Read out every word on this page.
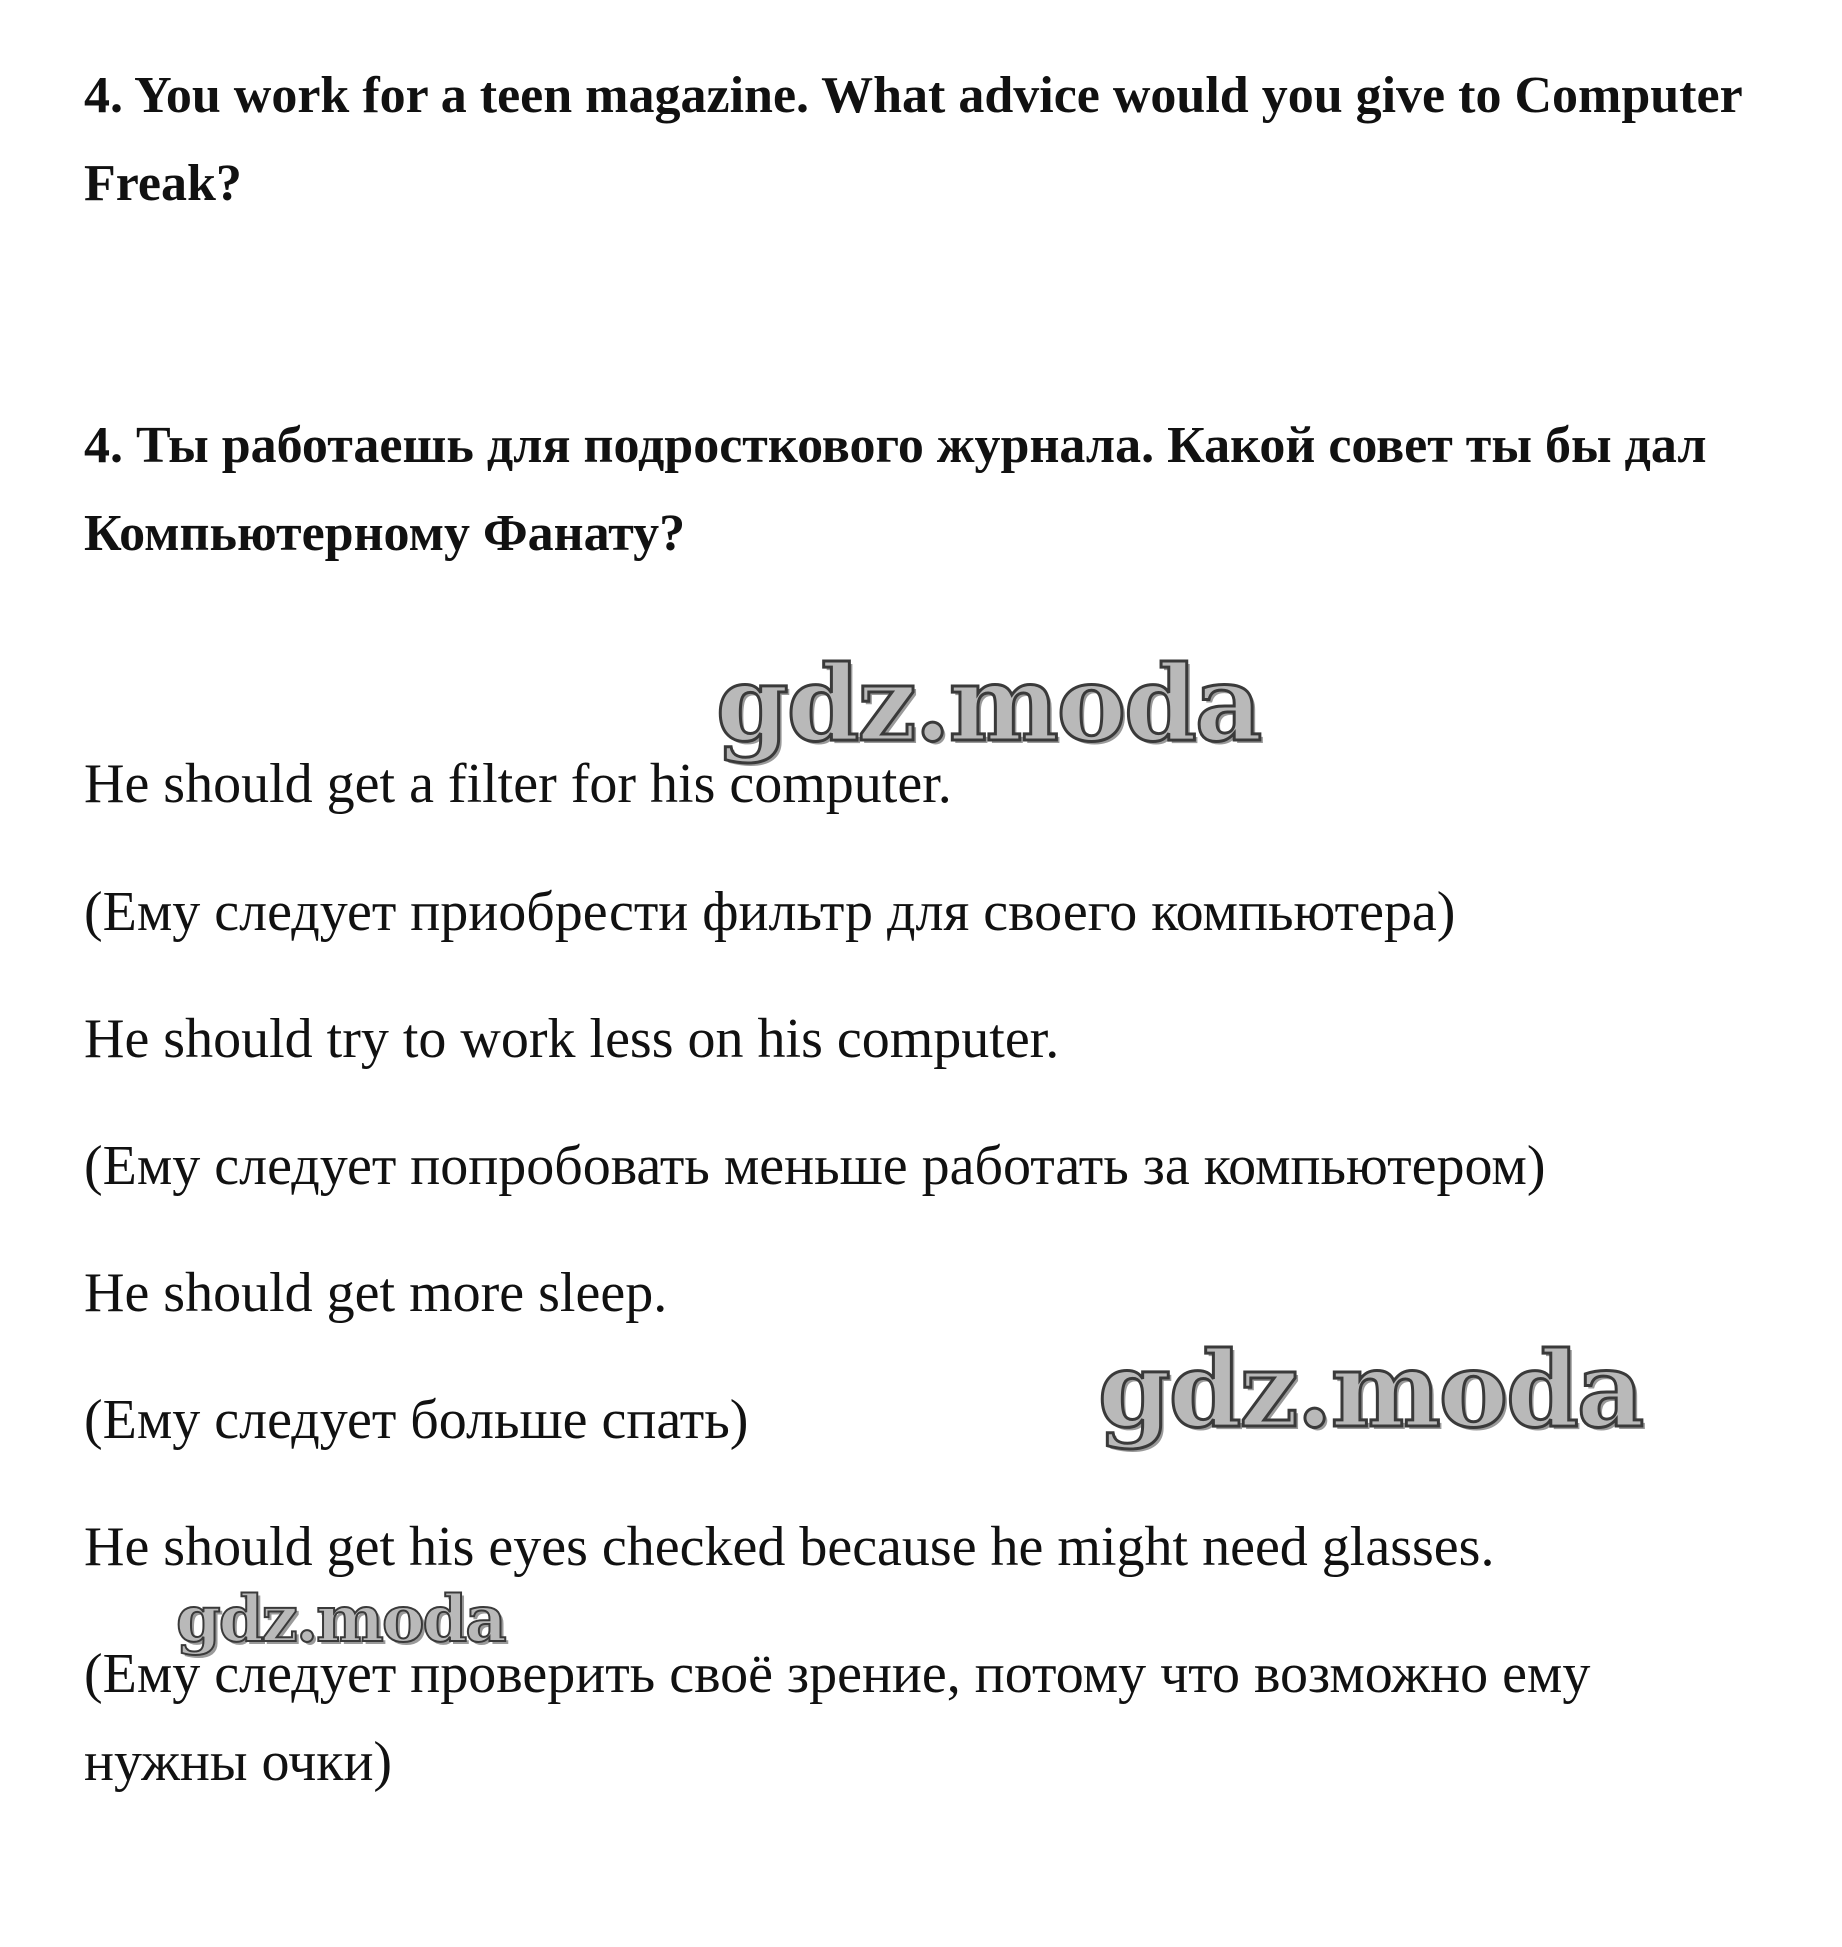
4. You work for a teen magazine. What advice would you give to Computer Freak?

4. Ты работаешь для подросткового журнала. Какой совет ты бы дал Компьютерному Фанату?

He should get a filter for his computer.

(Ему следует приобрести фильтр для своего компьютера)

He should try to work less on his computer.

(Ему следует попробовать меньше работать за компьютером)

He should get more sleep.

(Ему следует больше спать)

He should get his eyes checked because he might need glasses.

(Ему следует проверить своё зрение, потому что возможно ему нужны очки)

gdz.moda
gdz.moda
gdz.moda
